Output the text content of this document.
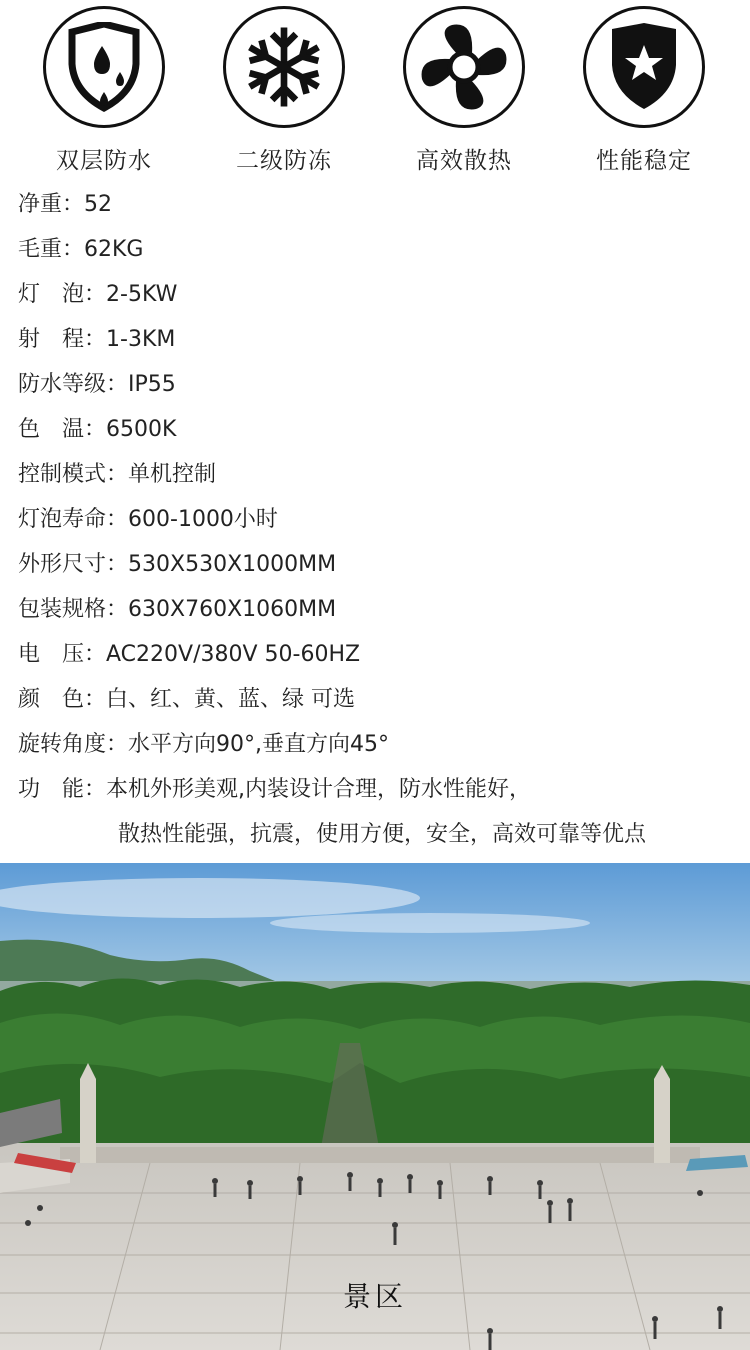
双层防水	二级防冻	高效散热	性能稳定
净重：52
毛重：62KG
灯　泡：2-5KW
射　程：1-3KM
防水等级：IP55
色　温：6500K
控制模式：单机控制
灯泡寿命：600-1000小时
外形尺寸：530X530X1000MM
包装规格：630X760X1060MM
电　压：AC220V/380V 50-60HZ
颜　色：白、红、黄、蓝、绿 可选
旋转角度：水平方向90°,垂直方向45°
功　能：本机外形美观,内装设计合理，防水性能好，
散热性能强，抗震，使用方便，安全，高效可靠等优点
景区
